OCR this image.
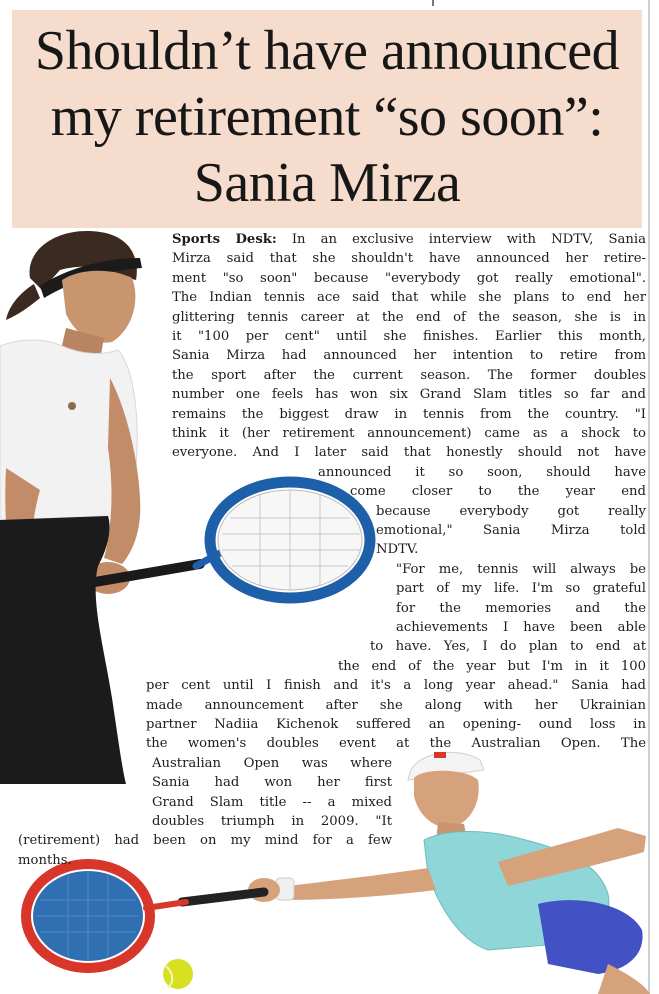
Shouldn’t have announced
my retirement “so soon”:
Sania Mirza
Sports Desk: In an exclusive interview with NDTV, Sania
Mirza said that she shouldn't have announced her retire-
ment "so soon" because "everybody got really emotional".
The Indian tennis ace said that while she plans to end her
glittering tennis career at the end of the season, she is in
it "100 per cent" until she finishes. Earlier this month,
Sania Mirza had announced her intention to retire from
the sport after the current season. The former doubles
number one feels has won six Grand Slam titles so far and
remains the biggest draw in tennis from the country. "I
think it (her retirement announcement) came as a shock to
everyone. And I later said that honestly should not have
announced it so soon, should have
come closer to the year end
because everybody got really
emotional," Sania Mirza told
NDTV.
"For me, tennis will always be
part of my life. I'm so grateful
for the memories and the
achievements I have been able
to have. Yes, I do plan to end at
the end of the year but I'm in it 100
per cent until I finish and it's a long year ahead." Sania had
made announcement after she along with her Ukrainian
partner Nadiia Kichenok suffered an opening- ound loss in
the women's doubles event at the Australian Open. The
Australian Open was where
Sania had won her first
Grand Slam title -- a mixed
doubles triumph in 2009. "It
(retirement) had been on my mind for a few
months.
